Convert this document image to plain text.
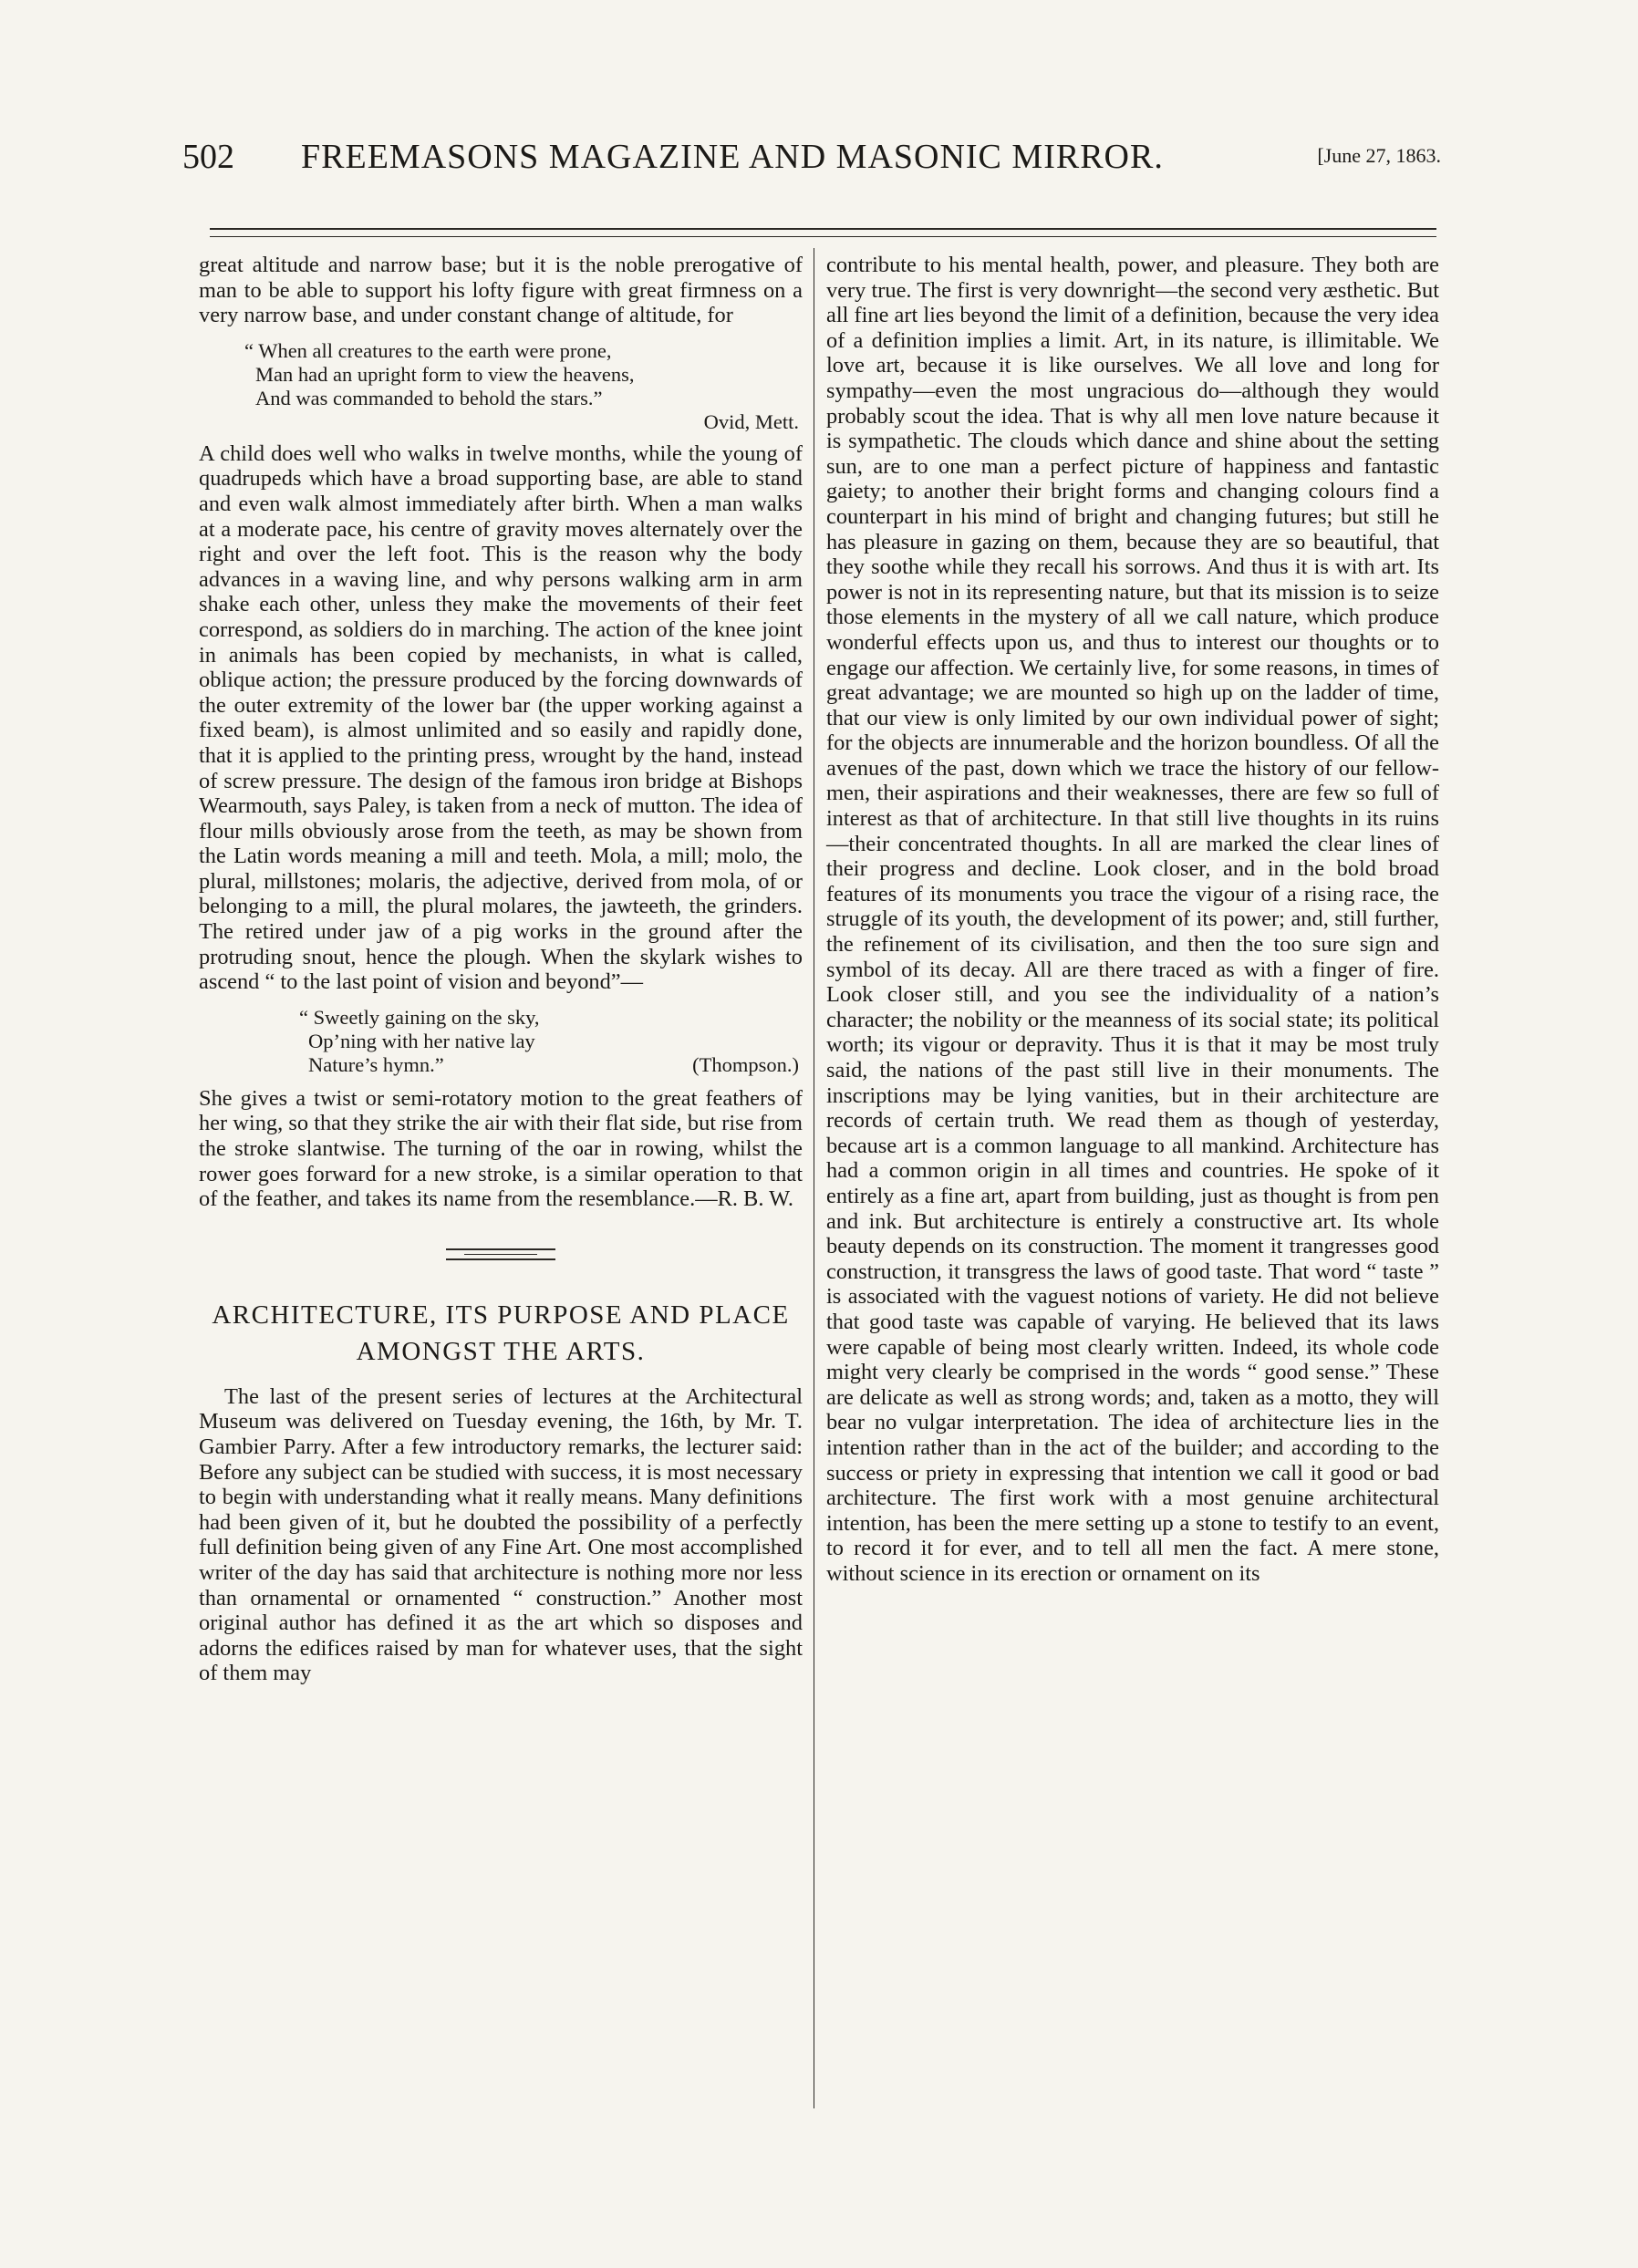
502 FREEMASONS MAGAZINE AND MASONIC MIRROR.	[June 27, 1863.

great altitude and narrow base; but it is the noble prerogative of man to be able to support his lofty figure with great firmness on a very narrow base, and under constant change of altitude, for

“ When all creatures to the earth were prone,
Man had an upright form to view the heavens,
And was commanded to behold the stars.”
Ovid, Mett.

A child does well who walks in twelve months, while the young of quadrupeds which have a broad supporting base, are able to stand and even walk almost immediately after birth. When a man walks at a moderate pace, his centre of gravity moves alternately over the right and over the left foot. This is the reason why the body advances in a waving line, and why persons walking arm in arm shake each other, unless they make the movements of their feet correspond, as soldiers do in marching. The action of the knee joint in animals has been copied by mechanists, in what is called, oblique action; the pressure produced by the forcing downwards of the outer extremity of the lower bar (the upper working against a fixed beam), is almost unlimited and so easily and rapidly done, that it is applied to the printing press, wrought by the hand, instead of screw pressure. The design of the famous iron bridge at Bishops Wearmouth, says Paley, is taken from a neck of mutton. The idea of flour mills obviously arose from the teeth, as may be shown from the Latin words meaning a mill and teeth. Mola, a mill; molo, the plural, millstones; molaris, the adjective, derived from mola, of or belonging to a mill, the plural molares, the jawteeth, the grinders. The retired under jaw of a pig works in the ground after the protruding snout, hence the plough. When the skylark wishes to ascend “ to the last point of vision and beyond”—

“ Sweetly gaining on the sky,
Op’ning with her native lay
Nature’s hymn.”	(Thompson.)

She gives a twist or semi-rotatory motion to the great feathers of her wing, so that they strike the air with their flat side, but rise from the stroke slantwise. The turning of the oar in rowing, whilst the rower goes forward for a new stroke, is a similar operation to that of the feather, and takes its name from the resemblance.—R. B. W.

ARCHITECTURE, ITS PURPOSE AND PLACE
AMONGST THE ARTS.

The last of the present series of lectures at the Architectural Museum was delivered on Tuesday evening, the 16th, by Mr. T. Gambier Parry. After a few introductory remarks, the lecturer said: Before any subject can be studied with success, it is most necessary to begin with understanding what it really means. Many definitions had been given of it, but he doubted the possibility of a perfectly full definition being given of any Fine Art. One most accomplished writer of the day has said that architecture is nothing more nor less than ornamental or ornamented “ construction.” Another most original author has defined it as the art which so disposes and adorns the edifices raised by man for whatever uses, that the sight of them may

contribute to his mental health, power, and pleasure. They both are very true. The first is very downright—the second very æsthetic. But all fine art lies beyond the limit of a definition, because the very idea of a definition implies a limit. Art, in its nature, is illimitable. We love art, because it is like ourselves. We all love and long for sympathy—even the most ungracious do—although they would probably scout the idea. That is why all men love nature because it is sympathetic. The clouds which dance and shine about the setting sun, are to one man a perfect picture of happiness and fantastic gaiety; to another their bright forms and changing colours find a counterpart in his mind of bright and changing futures; but still he has pleasure in gazing on them, because they are so beautiful, that they soothe while they recall his sorrows. And thus it is with art. Its power is not in its representing nature, but that its mission is to seize those elements in the mystery of all we call nature, which produce wonderful effects upon us, and thus to interest our thoughts or to engage our affection. We certainly live, for some reasons, in times of great advantage; we are mounted so high up on the ladder of time, that our view is only limited by our own individual power of sight; for the objects are innumerable and the horizon boundless. Of all the avenues of the past, down which we trace the history of our fellow-men, their aspirations and their weaknesses, there are few so full of interest as that of architecture. In that still live thoughts in its ruins—their concentrated thoughts. In all are marked the clear lines of their progress and decline. Look closer, and in the bold broad features of its monuments you trace the vigour of a rising race, the struggle of its youth, the development of its power; and, still further, the refinement of its civilisation, and then the too sure sign and symbol of its decay. All are there traced as with a finger of fire. Look closer still, and you see the individuality of a nation’s character; the nobility or the meanness of its social state; its political worth; its vigour or depravity. Thus it is that it may be most truly said, the nations of the past still live in their monuments. The inscriptions may be lying vanities, but in their architecture are records of certain truth. We read them as though of yesterday, because art is a common language to all mankind. Architecture has had a common origin in all times and countries. He spoke of it entirely as a fine art, apart from building, just as thought is from pen and ink. But architecture is entirely a constructive art. Its whole beauty depends on its construction. The moment it trangresses good construction, it transgress the laws of good taste. That word “ taste ” is associated with the vaguest notions of variety. He did not believe that good taste was capable of varying. He believed that its laws were capable of being most clearly written. Indeed, its whole code might very clearly be comprised in the words “ good sense.” These are delicate as well as strong words; and, taken as a motto, they will bear no vulgar interpretation. The idea of architecture lies in the intention rather than in the act of the builder; and according to the success or priety in expressing that intention we call it good or bad architecture. The first work with a most genuine architectural intention, has been the mere setting up a stone to testify to an event, to record it for ever, and to tell all men the fact. A mere stone, without science in its erection or ornament on its
